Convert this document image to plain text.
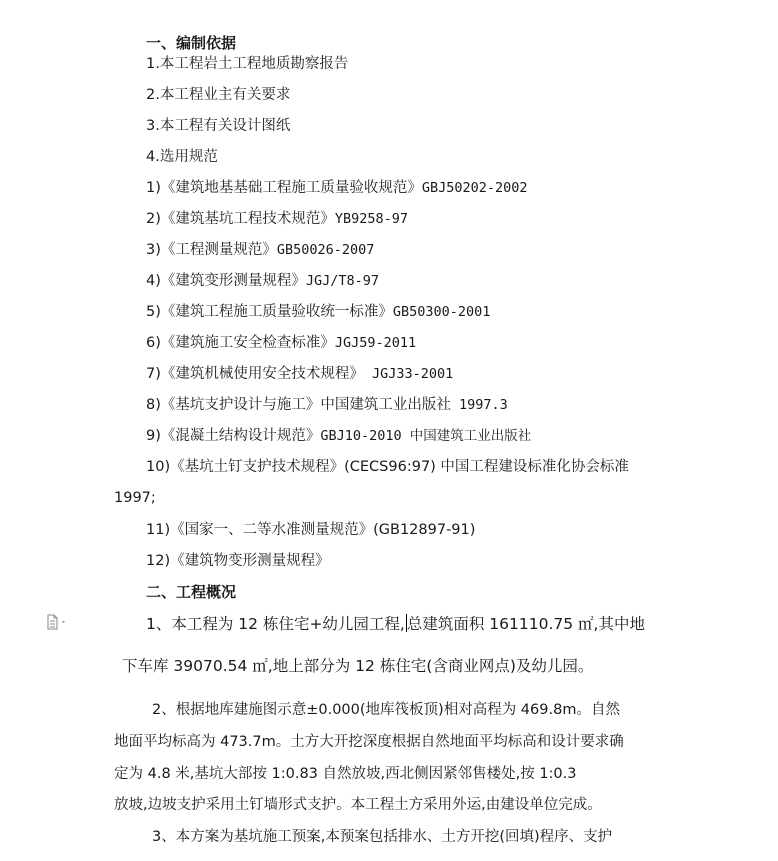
一、编制依据
1.本工程岩土工程地质勘察报告
2.本工程业主有关要求
3.本工程有关设计图纸
4.选用规范
1)《建筑地基基础工程施工质量验收规范》GBJ50202-2002
2)《建筑基坑工程技术规范》YB9258-97
3)《工程测量规范》GB50026-2007
4)《建筑变形测量规程》JGJ/T8-97
5)《建筑工程施工质量验收统一标准》GB50300-2001
6)《建筑施工安全检查标准》JGJ59-2011
7)《建筑机械使用安全技术规程》 JGJ33-2001
8)《基坑支护设计与施工》中国建筑工业出版社 1997.3
9)《混凝土结构设计规范》GBJ10-2010 中国建筑工业出版社
10)《基坑土钉支护技术规程》(CECS96:97) 中国工程建设标准化协会标准
1997;
11)《国家一、二等水准测量规范》(GB12897-91)
12)《建筑物变形测量规程》
二、工程概况
1、本工程为 12 栋住宅+幼儿园工程, 总建筑面积 161110.75 ㎡,其中地
下车库 39070.54 ㎡,地上部分为 12 栋住宅(含商业网点)及幼儿园。
2、根据地库建施图示意±0.000(地库筏板顶)相对高程为 469.8m。自然
地面平均标高为 473.7m。土方大开挖深度根据自然地面平均标高和设计要求确
定为 4.8 米,基坑大部按 1:0.83 自然放坡,西北侧因紧邻售楼处,按 1:0.3
放坡,边坡支护采用土钉墙形式支护。本工程土方采用外运,由建设单位完成。
3、本方案为基坑施工预案,本预案包括排水、土方开挖(回填)程序、支护
